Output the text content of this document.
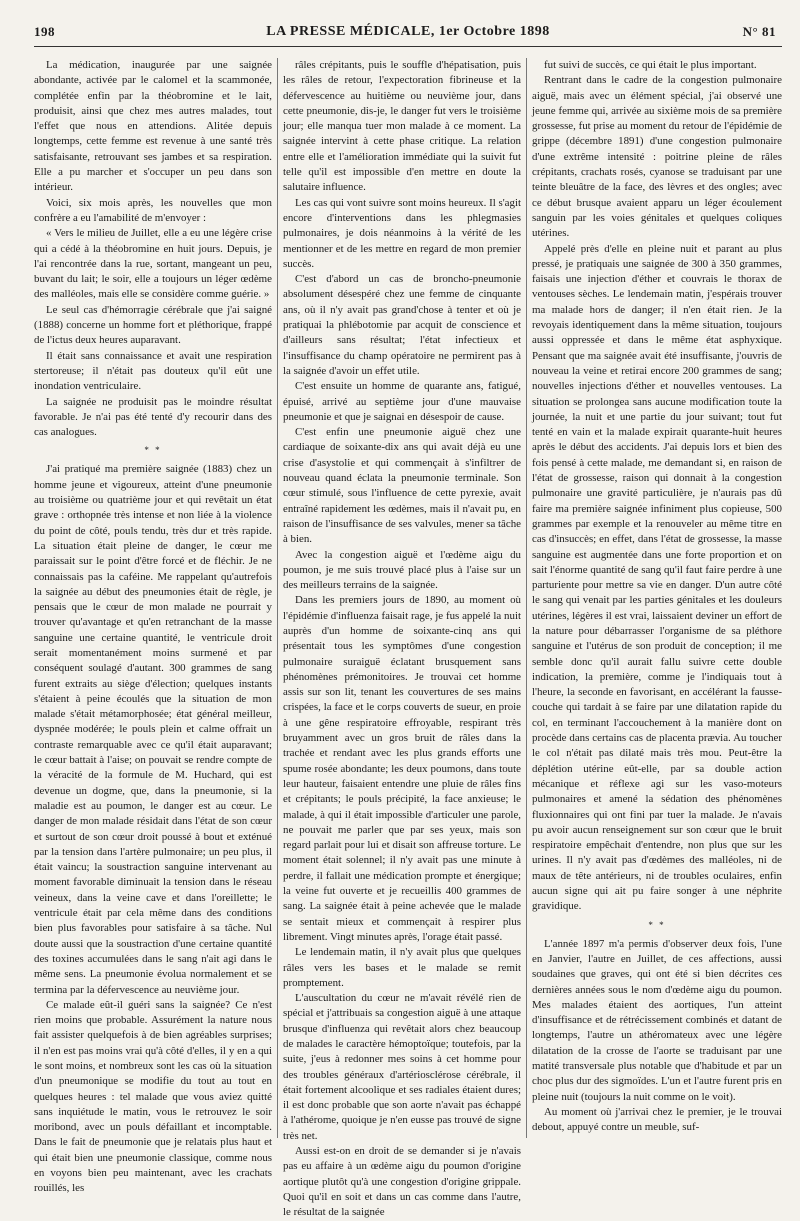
198	LA PRESSE MÉDICALE, 1er Octobre 1898	N° 81

La médication, inaugurée par une saignée abondante, activée par le calomel et la scammonée, complétée enfin par la théobromine et le lait, produisit, ainsi que chez mes autres malades, tout l'effet que nous en attendions. Alitée depuis longtemps, cette femme est revenue à une santé très satisfaisante, retrouvant ses jambes et sa respiration. Elle a pu marcher et s'occuper un peu dans son intérieur.

Voici, six mois après, les nouvelles que mon confrère a eu l'amabilité de m'envoyer :

« Vers le milieu de Juillet, elle a eu une légère crise qui a cédé à la théobromine en huit jours. Depuis, je l'ai rencontrée dans la rue, sortant, mangeant un peu, buvant du lait; le soir, elle a toujours un léger œdème des malléoles, mais elle se considère comme guérie. »

Le seul cas d'hémorragie cérébrale que j'ai saigné (1888) concerne un homme fort et pléthorique, frappé de l'ictus deux heures auparavant.

Il était sans connaissance et avait une respiration stertoreuse; il n'était pas douteux qu'il eût une inondation ventriculaire.

La saignée ne produisit pas le moindre résultat favorable. Je n'ai pas été tenté d'y recourir dans des cas analogues.

* *

J'ai pratiqué ma première saignée (1883) chez un homme jeune et vigoureux, atteint d'une pneumonie au troisième ou quatrième jour et qui revêtait un état grave : orthopnée très intense et non liée à la violence du point de côté, pouls tendu, très dur et très rapide. La situation était pleine de danger, le cœur me paraissait sur le point d'être forcé et de fléchir. Je ne connaissais pas la caféine. Me rappelant qu'autrefois la saignée au début des pneumonies était de règle, je pensais que le cœur de mon malade ne pourrait y trouver qu'avantage et qu'en retranchant de la masse sanguine une certaine quantité, le ventricule droit serait momentanément moins surmené et par conséquent soulagé d'autant. 300 grammes de sang furent extraits au siège d'élection; quelques instants s'étaient à peine écoulés que la situation de mon malade s'était métamorphosée; état général meilleur, dyspnée modérée; le pouls plein et calme offrait un contraste remarquable avec ce qu'il était auparavant; le cœur battait à l'aise; on pouvait se rendre compte de la véracité de la formule de M. Huchard, qui est devenue un dogme, que, dans la pneumonie, si la maladie est au poumon, le danger est au cœur. Le danger de mon malade résidait dans l'état de son cœur et surtout de son cœur droit poussé à bout et exténué par la tension dans l'artère pulmonaire; un peu plus, il était vaincu; la soustraction sanguine intervenant au moment favorable diminuait la tension dans le réseau veineux, dans la veine cave et dans l'oreillette; le ventricule était par cela même dans des conditions bien plus favorables pour satisfaire à sa tâche. Nul doute aussi que la soustraction d'une certaine quantité des toxines accumulées dans le sang n'ait agi dans le même sens. La pneumonie évolua normalement et se termina par la défervescence au neuvième jour.

Ce malade eût-il guéri sans la saignée? Ce n'est rien moins que probable. Assurément la nature nous fait assister quelquefois à de bien agréables surprises; il n'en est pas moins vrai qu'à côté d'elles, il y en a qui le sont moins, et nombreux sont les cas où la situation d'un pneumonique se modifie du tout au tout en quelques heures : tel malade que vous aviez quitté sans inquiétude le matin, vous le retrouvez le soir moribond, avec un pouls défaillant et incomptable. Dans le fait de pneumonie que je relatais plus haut et qui était bien une pneumonie classique, comme nous en voyons bien peu maintenant, avec les crachats rouillés, les

râles crépitants, puis le souffle d'hépatisation, puis les râles de retour, l'expectoration fibrineuse et la défervescence au huitième ou neuvième jour, dans cette pneumonie, dis-je, le danger fut vers le troisième jour; elle manqua tuer mon malade à ce moment. La saignée intervint à cette phase critique. La relation entre elle et l'amélioration immédiate qui la suivit fut telle qu'il est impossible d'en mettre en doute la salutaire influence.

Les cas qui vont suivre sont moins heureux. Il s'agit encore d'interventions dans les phlegmasies pulmonaires, je dois néanmoins à la vérité de les mentionner et de les mettre en regard de mon premier succès.

C'est d'abord un cas de broncho-pneumonie absolument désespéré chez une femme de cinquante ans, où il n'y avait pas grand'chose à tenter et où je pratiquai la phlébotomie par acquit de conscience et d'ailleurs sans résultat; l'état infectieux et l'insuffisance du champ opératoire ne permirent pas à la saignée d'avoir un effet utile.

C'est ensuite un homme de quarante ans, fatigué, épuisé, arrivé au septième jour d'une mauvaise pneumonie et que je saignai en désespoir de cause.

C'est enfin une pneumonie aiguë chez une cardiaque de soixante-dix ans qui avait déjà eu une crise d'asystolie et qui commençait à s'infiltrer de nouveau quand éclata la pneumonie terminale. Son cœur stimulé, sous l'influence de cette pyrexie, avait entraîné rapidement les œdèmes, mais il n'avait pu, en raison de l'insuffisance de ses valvules, mener sa tâche à bien.

Avec la congestion aiguë et l'œdème aigu du poumon, je me suis trouvé placé plus à l'aise sur un des meilleurs terrains de la saignée.

Dans les premiers jours de 1890, au moment où l'épidémie d'influenza faisait rage, je fus appelé la nuit auprès d'un homme de soixante-cinq ans qui présentait tous les symptômes d'une congestion pulmonaire suraiguë éclatant brusquement sans phénomènes prémonitoires. Je trouvai cet homme assis sur son lit, tenant les couvertures de ses mains crispées, la face et le corps couverts de sueur, en proie à une gêne respiratoire effroyable, respirant très bruyamment avec un gros bruit de râles dans la trachée et rendant avec les plus grands efforts une spume rosée abondante; les deux poumons, dans toute leur hauteur, faisaient entendre une pluie de râles fins et crépitants; le pouls précipité, la face anxieuse; le malade, à qui il était impossible d'articuler une parole, ne pouvait me parler que par ses yeux, mais son regard parlait pour lui et disait son affreuse torture. Le moment était solennel; il n'y avait pas une minute à perdre, il fallait une médication prompte et énergique; la veine fut ouverte et je recueillis 400 grammes de sang. La saignée était à peine achevée que le malade se sentait mieux et commençait à respirer plus librement. Vingt minutes après, l'orage était passé.

Le lendemain matin, il n'y avait plus que quelques râles vers les bases et le malade se remit promptement.

L'auscultation du cœur ne m'avait révélé rien de spécial et j'attribuais sa congestion aiguë à une attaque brusque d'influenza qui revêtait alors chez beaucoup de malades le caractère hémoptoïque; toutefois, par la suite, j'eus à redonner mes soins à cet homme pour des troubles généraux d'artériosclérose cérébrale, il était fortement alcoolique et ses radiales étaient dures; il est donc probable que son aorte n'avait pas échappé à l'athérome, quoique je n'en eusse pas trouvé de signe très net.

Aussi est-on en droit de se demander si je n'avais pas eu affaire à un œdème aigu du poumon d'origine aortique plutôt qu'à une congestion d'origine grippale. Quoi qu'il en soit et dans un cas comme dans l'autre, le résultat de la saignée

fut suivi de succès, ce qui était le plus important.

Rentrant dans le cadre de la congestion pulmonaire aiguë, mais avec un élément spécial, j'ai observé une jeune femme qui, arrivée au sixième mois de sa première grossesse, fut prise au moment du retour de l'épidémie de grippe (décembre 1891) d'une congestion pulmonaire d'une extrême intensité : poitrine pleine de râles crépitants, crachats rosés, cyanose se traduisant par une teinte bleuâtre de la face, des lèvres et des ongles; avec ce début brusque avaient apparu un léger écoulement sanguin par les voies génitales et quelques coliques utérines.

Appelé près d'elle en pleine nuit et parant au plus pressé, je pratiquais une saignée de 300 à 350 grammes, faisais une injection d'éther et couvrais le thorax de ventouses sèches. Le lendemain matin, j'espérais trouver ma malade hors de danger; il n'en était rien. Je la revoyais identiquement dans la même situation, toujours aussi oppressée et dans le même état asphyxique. Pensant que ma saignée avait été insuffisante, j'ouvris de nouveau la veine et retirai encore 200 grammes de sang; nouvelles injections d'éther et nouvelles ventouses. La situation se prolongea sans aucune modification toute la journée, la nuit et une partie du jour suivant; tout fut tenté en vain et la malade expirait quarante-huit heures après le début des accidents. J'ai depuis lors et bien des fois pensé à cette malade, me demandant si, en raison de l'état de grossesse, raison qui donnait à la congestion pulmonaire une gravité particulière, je n'aurais pas dû faire ma première saignée infiniment plus copieuse, 500 grammes par exemple et la renouveler au même titre en cas d'insuccès; en effet, dans l'état de grossesse, la masse sanguine est augmentée dans une forte proportion et on sait l'énorme quantité de sang qu'il faut faire perdre à une parturiente pour mettre sa vie en danger. D'un autre côté le sang qui venait par les parties génitales et les douleurs utérines, légères il est vrai, laissaient deviner un effort de la nature pour débarrasser l'organisme de sa pléthore sanguine et l'utérus de son produit de conception; il me semble donc qu'il aurait fallu suivre cette double indication, la première, comme je l'indiquais tout à l'heure, la seconde en favorisant, en accélérant la fausse-couche qui tardait à se faire par une dilatation rapide du col, en terminant l'accouchement à la manière dont on procède dans certains cas de placenta prævia. Au toucher le col n'était pas dilaté mais très mou. Peut-être la déplétion utérine eût-elle, par sa double action mécanique et réflexe agi sur les vaso-moteurs pulmonaires et amené la sédation des phénomènes fluxionnaires qui ont fini par tuer la malade. Je n'avais pu avoir aucun renseignement sur son cœur que le bruit respiratoire empêchait d'entendre, non plus que sur les urines. Il n'y avait pas d'œdèmes des malléoles, ni de maux de tête antérieurs, ni de troubles oculaires, enfin aucun signe qui ait pu faire songer à une néphrite gravidique.

* *

L'année 1897 m'a permis d'observer deux fois, l'une en Janvier, l'autre en Juillet, de ces affections, aussi soudaines que graves, qui ont été si bien décrites ces dernières années sous le nom d'œdème aigu du poumon. Mes malades étaient des aortiques, l'un atteint d'insuffisance et de rétrécissement combinés et datant de longtemps, l'autre un athéromateux avec une légère dilatation de la crosse de l'aorte se traduisant par une matité transversale plus notable que d'habitude et par un choc plus dur des sigmoïdes. L'un et l'autre furent pris en pleine nuit (toujours la nuit comme on le voit).

Au moment où j'arrivai chez le premier, je le trouvai debout, appuyé contre un meuble, suf-
